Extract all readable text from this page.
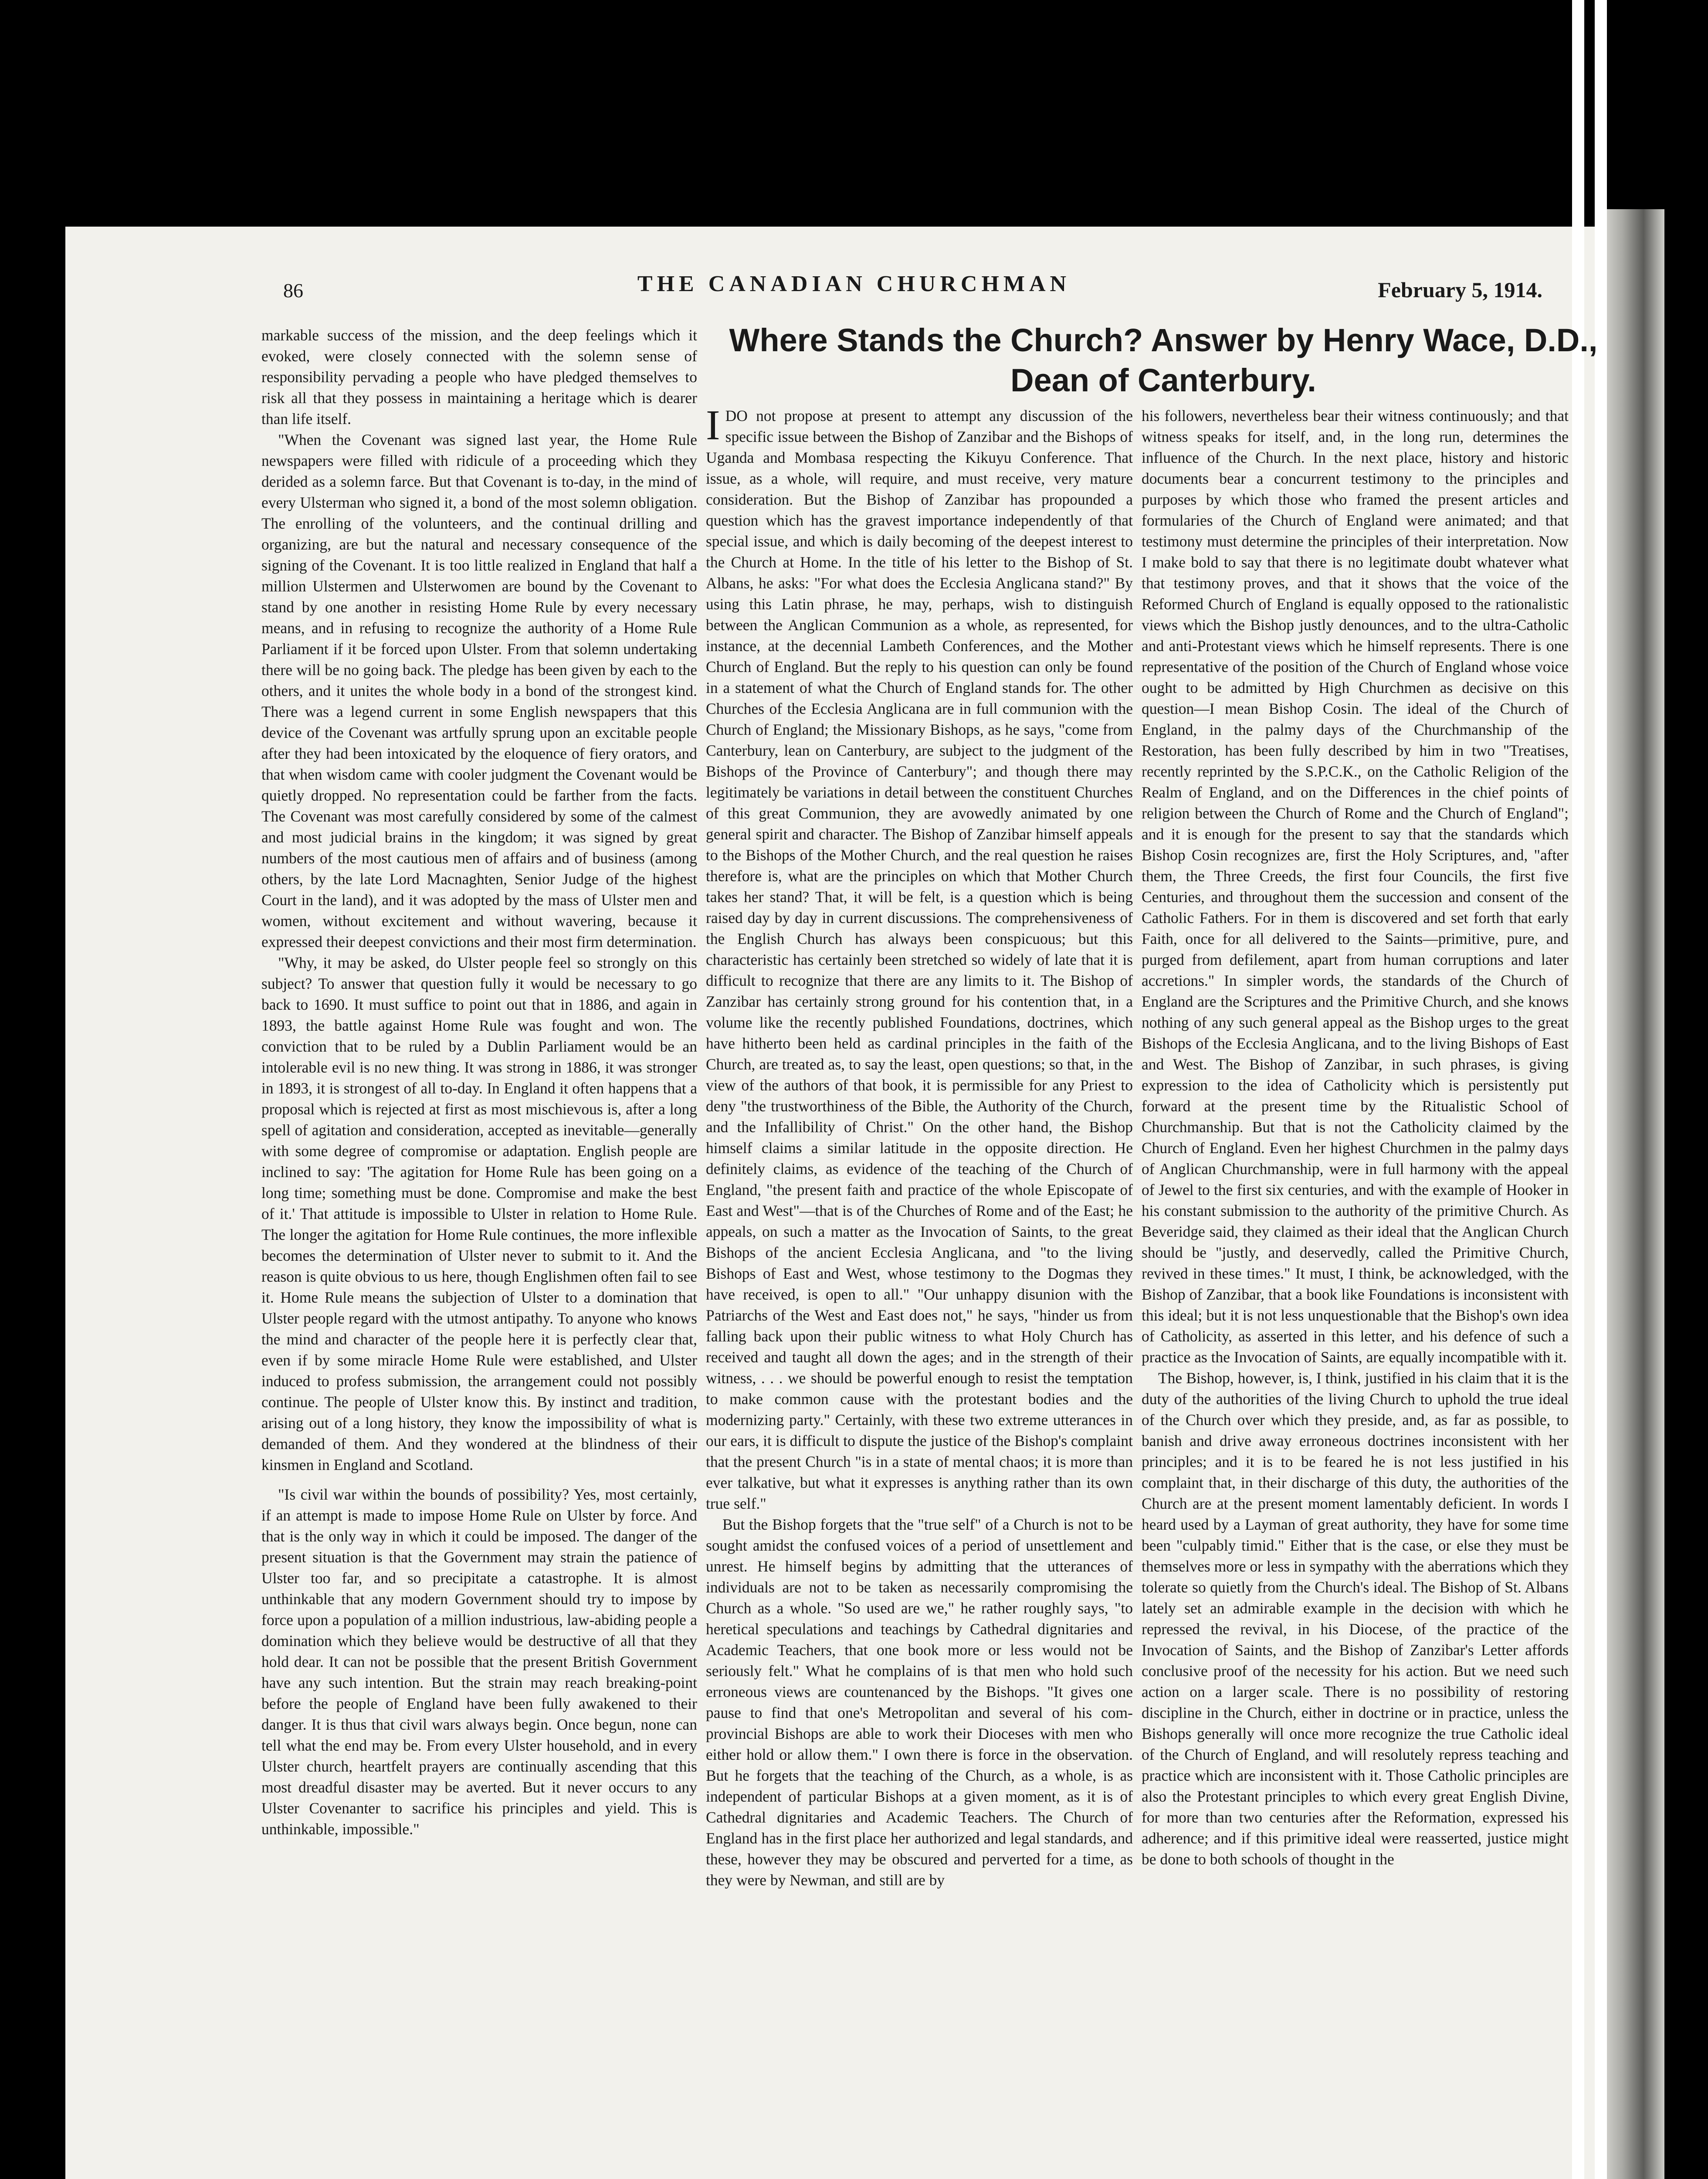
86	THE CANADIAN CHURCHMAN	February 5, 1914.

markable success of the mission, and the deep feelings which it evoked, were closely connected with the solemn sense of responsibility pervading a people who have pledged themselves to risk all that they possess in maintaining a heritage which is dearer than life itself.

"When the Covenant was signed last year, the Home Rule newspapers were filled with ridicule of a proceeding which they derided as a solemn farce. But that Covenant is to-day, in the mind of every Ulsterman who signed it, a bond of the most solemn obligation. The enrolling of the volunteers, and the continual drilling and organizing, are but the natural and necessary consequence of the signing of the Covenant. It is too little realized in England that half a million Ulstermen and Ulsterwomen are bound by the Covenant to stand by one another in resisting Home Rule by every necessary means, and in refusing to recognize the authority of a Home Rule Parliament if it be forced upon Ulster. From that solemn undertaking there will be no going back. The pledge has been given by each to the others, and it unites the whole body in a bond of the strongest kind. There was a legend current in some English newspapers that this device of the Covenant was artfully sprung upon an excitable people after they had been intoxicated by the eloquence of fiery orators, and that when wisdom came with cooler judgment the Covenant would be quietly dropped. No representation could be farther from the facts. The Covenant was most carefully considered by some of the calmest and most judicial brains in the kingdom; it was signed by great numbers of the most cautious men of affairs and of business (among others, by the late Lord Macnaghten, Senior Judge of the highest Court in the land), and it was adopted by the mass of Ulster men and women, without excitement and without wavering, because it expressed their deepest convictions and their most firm determination.

"Why, it may be asked, do Ulster people feel so strongly on this subject? To answer that question fully it would be necessary to go back to 1690. It must suffice to point out that in 1886, and again in 1893, the battle against Home Rule was fought and won. The conviction that to be ruled by a Dublin Parliament would be an intolerable evil is no new thing. It was strong in 1886, it was stronger in 1893, it is strongest of all to-day. In England it often happens that a proposal which is rejected at first as most mischievous is, after a long spell of agitation and consideration, accepted as inevitable—generally with some degree of compromise or adaptation. English people are inclined to say: 'The agitation for Home Rule has been going on a long time; something must be done. Compromise and make the best of it.' That attitude is impossible to Ulster in relation to Home Rule. The longer the agitation for Home Rule continues, the more inflexible becomes the determination of Ulster never to submit to it. And the reason is quite obvious to us here, though Englishmen often fail to see it. Home Rule means the subjection of Ulster to a domination that Ulster people regard with the utmost antipathy. To anyone who knows the mind and character of the people here it is perfectly clear that, even if by some miracle Home Rule were established, and Ulster induced to profess submission, the arrangement could not possibly continue. The people of Ulster know this. By instinct and tradition, arising out of a long history, they know the impossibility of what is demanded of them. And they wondered at the blindness of their kinsmen in England and Scotland.

"Is civil war within the bounds of possibility? Yes, most certainly, if an attempt is made to impose Home Rule on Ulster by force. And that is the only way in which it could be imposed. The danger of the present situation is that the Government may strain the patience of Ulster too far, and so precipitate a catastrophe. It is almost unthinkable that any modern Government should try to impose by force upon a population of a million industrious, law-abiding people a domination which they believe would be destructive of all that they hold dear. It can not be possible that the present British Government have any such intention. But the strain may reach breaking-point before the people of England have been fully awakened to their danger. It is thus that civil wars always begin. Once begun, none can tell what the end may be. From every Ulster household, and in every Ulster church, heartfelt prayers are continually ascending that this most dreadful disaster may be averted. But it never occurs to any Ulster Covenanter to sacrifice his principles and yield. This is unthinkable, impossible."

Where Stands the Church? Answer by Henry Wace, D.D., Dean of Canterbury.

IDO not propose at present to attempt any discussion of the specific issue between the Bishop of Zanzibar and the Bishops of Uganda and Mombasa respecting the Kikuyu Conference. That issue, as a whole, will require, and must receive, very mature consideration. But the Bishop of Zanzibar has propounded a question which has the gravest importance independently of that special issue, and which is daily becoming of the deepest interest to the Church at Home. In the title of his letter to the Bishop of St. Albans, he asks: "For what does the Ecclesia Anglicana stand?" By using this Latin phrase, he may, perhaps, wish to distinguish between the Anglican Communion as a whole, as represented, for instance, at the decennial Lambeth Conferences, and the Mother Church of England. But the reply to his question can only be found in a statement of what the Church of England stands for. The other Churches of the Ecclesia Anglicana are in full communion with the Church of England; the Missionary Bishops, as he says, "come from Canterbury, lean on Canterbury, are subject to the judgment of the Bishops of the Province of Canterbury"; and though there may legitimately be variations in detail between the constituent Churches of this great Communion, they are avowedly animated by one general spirit and character. The Bishop of Zanzibar himself appeals to the Bishops of the Mother Church, and the real question he raises therefore is, what are the principles on which that Mother Church takes her stand? That, it will be felt, is a question which is being raised day by day in current discussions. The comprehensiveness of the English Church has always been conspicuous; but this characteristic has certainly been stretched so widely of late that it is difficult to recognize that there are any limits to it. The Bishop of Zanzibar has certainly strong ground for his contention that, in a volume like the recently published Foundations, doctrines, which have hitherto been held as cardinal principles in the faith of the Church, are treated as, to say the least, open questions; so that, in the view of the authors of that book, it is permissible for any Priest to deny "the trustworthiness of the Bible, the Authority of the Church, and the Infallibility of Christ." On the other hand, the Bishop himself claims a similar latitude in the opposite direction. He definitely claims, as evidence of the teaching of the Church of England, "the present faith and practice of the whole Episcopate of East and West"—that is of the Churches of Rome and of the East; he appeals, on such a matter as the Invocation of Saints, to the great Bishops of the ancient Ecclesia Anglicana, and "to the living Bishops of East and West, whose testimony to the Dogmas they have received, is open to all." "Our unhappy disunion with the Patriarchs of the West and East does not," he says, "hinder us from falling back upon their public witness to what Holy Church has received and taught all down the ages; and in the strength of their witness, . . . we should be powerful enough to resist the temptation to make common cause with the protestant bodies and the modernizing party." Certainly, with these two extreme utterances in our ears, it is difficult to dispute the justice of the Bishop's complaint that the present Church "is in a state of mental chaos; it is more than ever talkative, but what it expresses is anything rather than its own true self."

But the Bishop forgets that the "true self" of a Church is not to be sought amidst the confused voices of a period of unsettlement and unrest. He himself begins by admitting that the utterances of individuals are not to be taken as necessarily compromising the Church as a whole. "So used are we," he rather roughly says, "to heretical speculations and teachings by Cathedral dignitaries and Academic Teachers, that one book more or less would not be seriously felt." What he complains of is that men who hold such erroneous views are countenanced by the Bishops. "It gives one pause to find that one's Metropolitan and several of his com-provincial Bishops are able to work their Dioceses with men who either hold or allow them." I own there is force in the observation. But he forgets that the teaching of the Church, as a whole, is as independent of particular Bishops at a given moment, as it is of Cathedral dignitaries and Academic Teachers. The Church of England has in the first place her authorized and legal standards, and these, however they may be obscured and perverted for a time, as they were by Newman, and still are by

his followers, nevertheless bear their witness continuously; and that witness speaks for itself, and, in the long run, determines the influence of the Church. In the next place, history and historic documents bear a concurrent testimony to the principles and purposes by which those who framed the present articles and formularies of the Church of England were animated; and that testimony must determine the principles of their interpretation. Now I make bold to say that there is no legitimate doubt whatever what that testimony proves, and that it shows that the voice of the Reformed Church of England is equally opposed to the rationalistic views which the Bishop justly denounces, and to the ultra-Catholic and anti-Protestant views which he himself represents. There is one representative of the position of the Church of England whose voice ought to be admitted by High Churchmen as decisive on this question—I mean Bishop Cosin. The ideal of the Church of England, in the palmy days of the Churchmanship of the Restoration, has been fully described by him in two "Treatises, recently reprinted by the S.P.C.K., on the Catholic Religion of the Realm of England, and on the Differences in the chief points of religion between the Church of Rome and the Church of England"; and it is enough for the present to say that the standards which Bishop Cosin recognizes are, first the Holy Scriptures, and, "after them, the Three Creeds, the first four Councils, the first five Centuries, and throughout them the succession and consent of the Catholic Fathers. For in them is discovered and set forth that early Faith, once for all delivered to the Saints—primitive, pure, and purged from defilement, apart from human corruptions and later accretions." In simpler words, the standards of the Church of England are the Scriptures and the Primitive Church, and she knows nothing of any such general appeal as the Bishop urges to the great Bishops of the Ecclesia Anglicana, and to the living Bishops of East and West. The Bishop of Zanzibar, in such phrases, is giving expression to the idea of Catholicity which is persistently put forward at the present time by the Ritualistic School of Churchmanship. But that is not the Catholicity claimed by the Church of England. Even her highest Churchmen in the palmy days of Anglican Churchmanship, were in full harmony with the appeal of Jewel to the first six centuries, and with the example of Hooker in his constant submission to the authority of the primitive Church. As Beveridge said, they claimed as their ideal that the Anglican Church should be "justly, and deservedly, called the Primitive Church, revived in these times." It must, I think, be acknowledged, with the Bishop of Zanzibar, that a book like Foundations is inconsistent with this ideal; but it is not less unquestionable that the Bishop's own idea of Catholicity, as asserted in this letter, and his defence of such a practice as the Invocation of Saints, are equally incompatible with it.

The Bishop, however, is, I think, justified in his claim that it is the duty of the authorities of the living Church to uphold the true ideal of the Church over which they preside, and, as far as possible, to banish and drive away erroneous doctrines inconsistent with her principles; and it is to be feared he is not less justified in his complaint that, in their discharge of this duty, the authorities of the Church are at the present moment lamentably deficient. In words I heard used by a Layman of great authority, they have for some time been "culpably timid." Either that is the case, or else they must be themselves more or less in sympathy with the aberrations which they tolerate so quietly from the Church's ideal. The Bishop of St. Albans lately set an admirable example in the decision with which he repressed the revival, in his Diocese, of the practice of the Invocation of Saints, and the Bishop of Zanzibar's Letter affords conclusive proof of the necessity for his action. But we need such action on a larger scale. There is no possibility of restoring discipline in the Church, either in doctrine or in practice, unless the Bishops generally will once more recognize the true Catholic ideal of the Church of England, and will resolutely repress teaching and practice which are inconsistent with it. Those Catholic principles are also the Protestant principles to which every great English Divine, for more than two centuries after the Reformation, expressed his adherence; and if this primitive ideal were reasserted, justice might be done to both schools of thought in the
